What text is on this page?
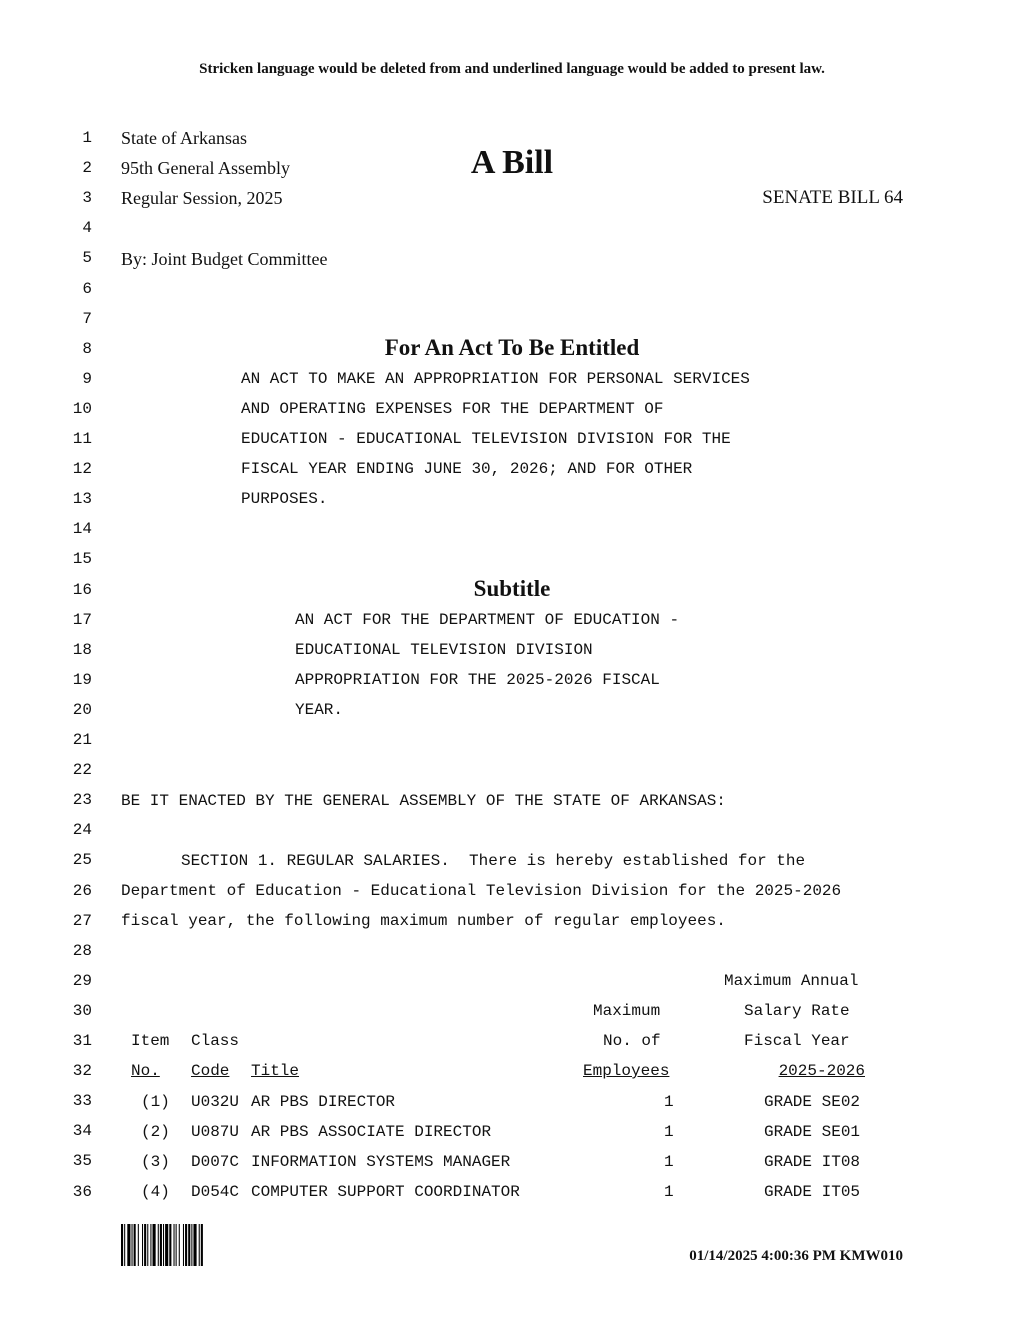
Stricken language would be deleted from and underlined language would be added to present law.
1
2
3
4
5
6
7
8
9
10
11
12
13
14
15
16
17
18
19
20
21
22
23
24
25
26
27
28
29
30
31
32
33
34
35
36
State of Arkansas
95th General Assembly
Regular Session, 2025
A Bill
SENATE BILL 64
By: Joint Budget Committee
For An Act To Be Entitled
AN ACT TO MAKE AN APPROPRIATION FOR PERSONAL SERVICES
AND OPERATING EXPENSES FOR THE DEPARTMENT OF
EDUCATION - EDUCATIONAL TELEVISION DIVISION FOR THE
FISCAL YEAR ENDING JUNE 30, 2026; AND FOR OTHER
PURPOSES.
Subtitle
AN ACT FOR THE DEPARTMENT OF EDUCATION -
EDUCATIONAL TELEVISION DIVISION
APPROPRIATION FOR THE 2025-2026 FISCAL
YEAR.
BE IT ENACTED BY THE GENERAL ASSEMBLY OF THE STATE OF ARKANSAS:
SECTION 1. REGULAR SALARIES.  There is hereby established for the
Department of Education - Educational Television Division for the 2025-2026
fiscal year, the following maximum number of regular employees.
Maximum Annual
Maximum	Salary Rate
Item Class	No. of	Fiscal Year
No.	Code	Title	Employees	2025-2026
(1) U032U AR PBS DIRECTOR	1	GRADE SE02
(2) U087U AR PBS ASSOCIATE DIRECTOR	1	GRADE SE01
(3) D007C INFORMATION SYSTEMS MANAGER	1	GRADE IT08
(4) D054C COMPUTER SUPPORT COORDINATOR	1	GRADE IT05
01/14/2025 4:00:36 PM KMW010
